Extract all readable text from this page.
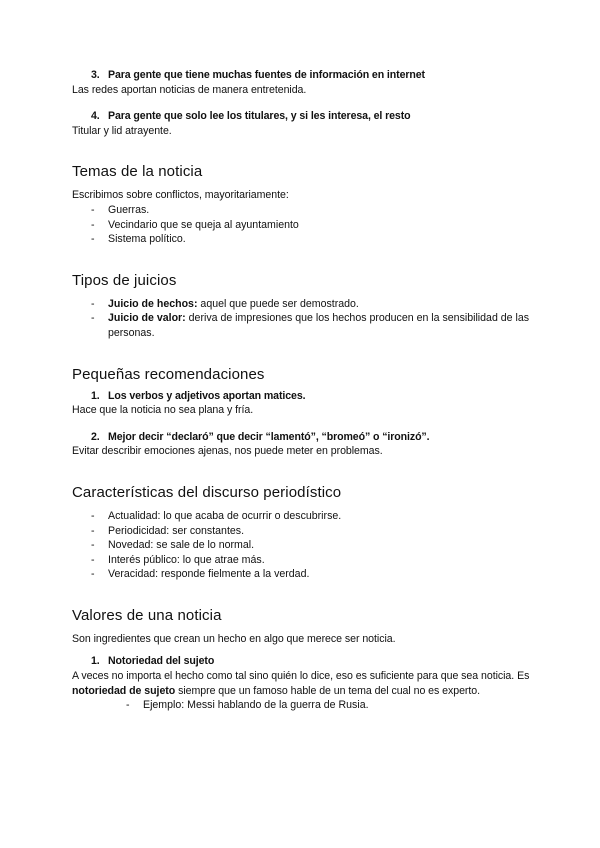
3. Para gente que tiene muchas fuentes de información en internet

Las redes aportan noticias de manera entretenida.

4. Para gente que solo lee los titulares, y si les interesa, el resto

Titular y lid atrayente.

Temas de la noticia

Escribimos sobre conflictos, mayoritariamente:

-	Guerras.
-	Vecindario que se queja al ayuntamiento
-	Sistema político.
Tipos de juicios
-	Juicio de hechos: aquel que puede ser demostrado.
-	Juicio de valor: deriva de impresiones que los hechos producen en la sensibilidad de las personas.
Pequeñas recomendaciones
1. Los verbos y adjetivos aportan matices.

Hace que la noticia no sea plana y fría.

2. Mejor decir “declaró” que decir “lamentó”, “bromeó” o “ironizó”.

Evitar describir emociones ajenas, nos puede meter en problemas.

Características del discurso periodístico
-	Actualidad: lo que acaba de ocurrir o descubrirse.
-	Periodicidad: ser constantes.
-	Novedad: se sale de lo normal.
-	Interés público: lo que atrae más.
-	Veracidad: responde fielmente a la verdad.
Valores de una noticia

Son ingredientes que crean un hecho en algo que merece ser noticia.

1. Notoriedad del sujeto

A veces no importa el hecho como tal sino quién lo dice, eso es suficiente para que sea noticia. Es notoriedad de sujeto siempre que un famoso hable de un tema del cual no es experto.

-	Ejemplo: Messi hablando de la guerra de Rusia.
